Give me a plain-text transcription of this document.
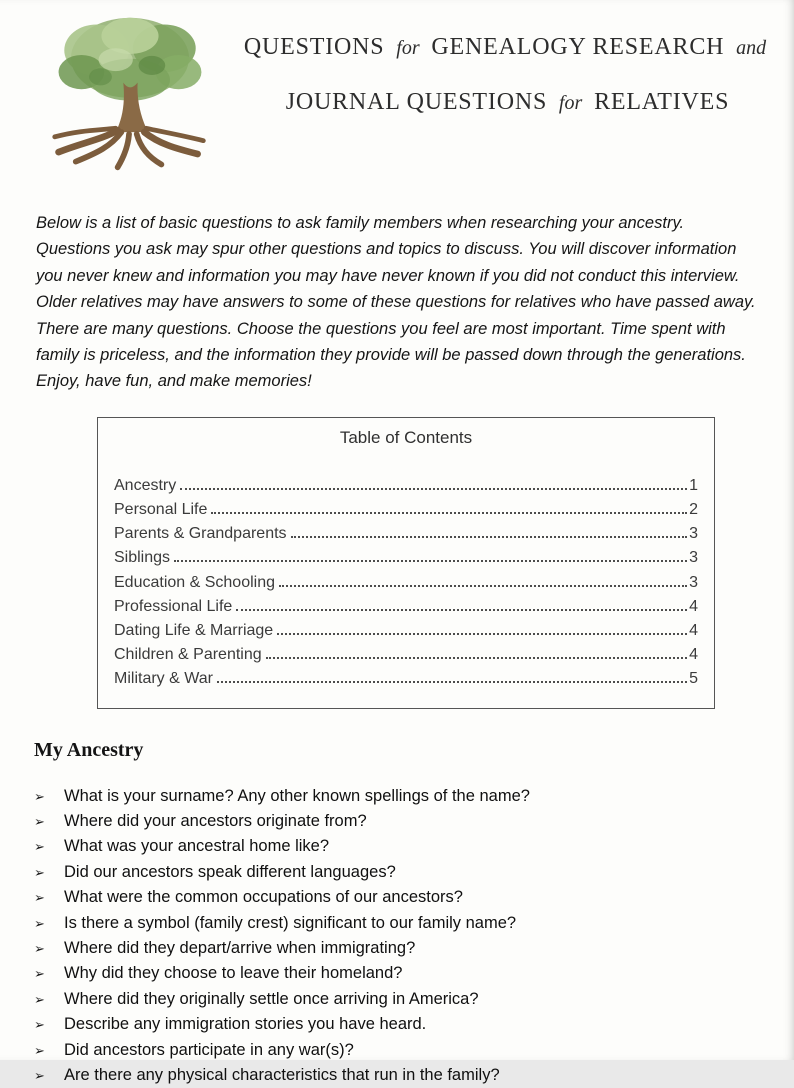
QUESTIONS for GENEALOGY RESEARCH and
JOURNAL QUESTIONS for RELATIVES

Below is a list of basic questions to ask family members when researching your ancestry. Questions you ask may spur other questions and topics to discuss. You will discover information you never knew and information you may have never known if you did not conduct this interview. Older relatives may have answers to some of these questions for relatives who have passed away. There are many questions. Choose the questions you feel are most important. Time spent with family is priceless, and the information they provide will be passed down through the generations. Enjoy, have fun, and make memories!

Table of Contents
Ancestry	1
Personal Life	2
Parents & Grandparents	3
Siblings	3
Education & Schooling	3
Professional Life	4
Dating Life & Marriage	4
Children & Parenting	4
Military & War	5
My Ancestry
➢	What is your surname? Any other known spellings of the name?
➢	Where did your ancestors originate from?
➢	What was your ancestral home like?
➢	Did our ancestors speak different languages?
➢	What were the common occupations of our ancestors?
➢	Is there a symbol (family crest) significant to our family name?
➢	Where did they depart/arrive when immigrating?
➢	Why did they choose to leave their homeland?
➢	Where did they originally settle once arriving in America?
➢	Describe any immigration stories you have heard.
➢	Did ancestors participate in any war(s)?
➢	Are there any physical characteristics that run in the family?
